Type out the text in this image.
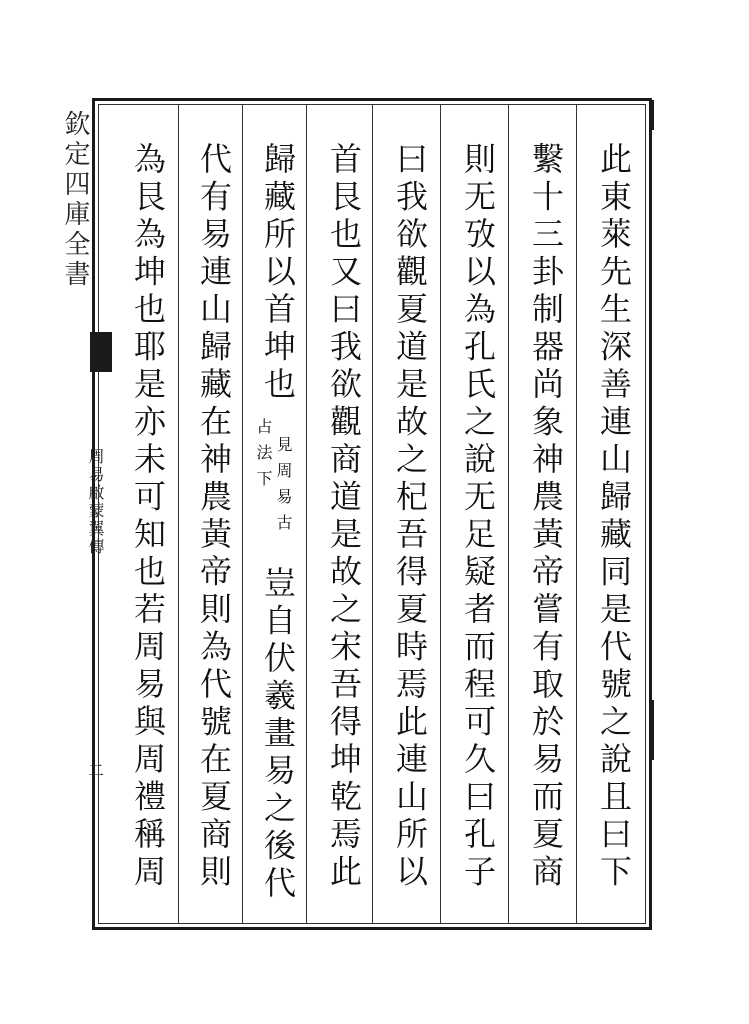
此東萊先生深善連山歸藏同是代號之說且曰下
繫十三卦制器尚象神農黃帝嘗有取於易而夏商
則无攷以為孔氏之說无足疑者而程可久曰孔子
曰我欲觀夏道是故之杞吾得夏時焉此連山所以
首艮也又曰我欲觀商道是故之宋吾得坤乾焉此
歸藏所以首坤也
見周易古
占法下
豈自伏羲畫易之後代
代有易連山歸藏在神農黃帝則為代號在夏商則
為艮為坤也耶是亦未可知也若周易與周禮稱周
欽定四庫全書
周易啟蒙翼傳
二
